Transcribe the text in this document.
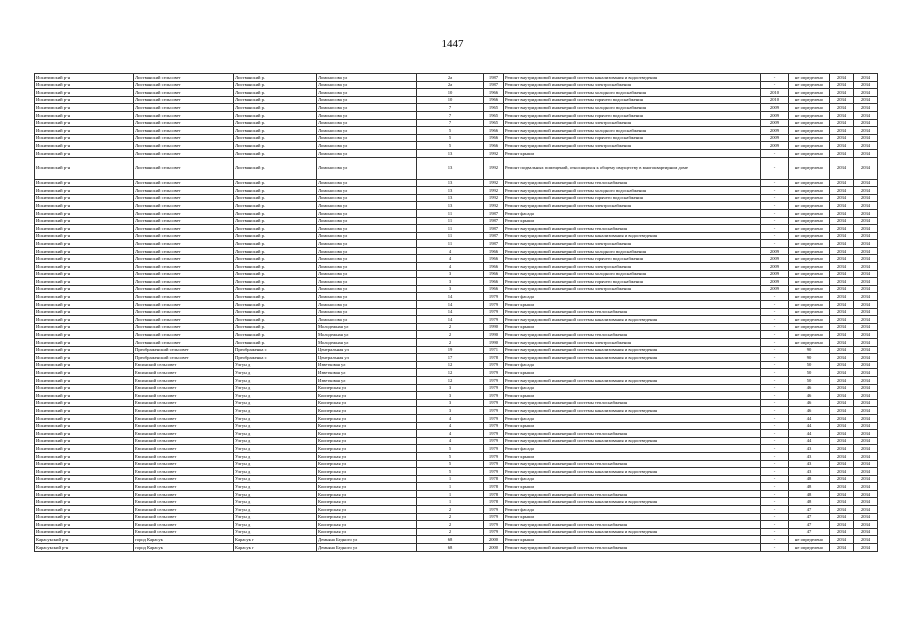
1447
Искитимский р-н	Листвянский сельсовет	Листвянский р.	Ломоносова ул	2а	1987	Ремонт внутридомовой инженерной системы канализования и водоотведения	-	не определено	2034	2034
Искитимский р-н	Листвянский сельсовет	Листвянский р.	Ломоносова ул	2а	1987	Ремонт внутридомовой инженерной системы электроснабжения	-	не определено	2034	2034
Искитимский р-н	Листвянский сельсовет	Листвянский р.	Ломоносова ул	10	1966	Ремонт внутридомовой инженерной системы холодного водоснабжения	2010	не определено	2034	2034
Искитимский р-н	Листвянский сельсовет	Листвянский р.	Ломоносова ул	10	1966	Ремонт внутридомовой инженерной системы горячего водоснабжения	2010	не определено	2034	2034
Искитимский р-н	Листвянский сельсовет	Листвянский р.	Ломоносова ул	7	1965	Ремонт внутридомовой инженерной системы холодного водоснабжения	2009	не определено	2034	2034
Искитимский р-н	Листвянский сельсовет	Листвянский р.	Ломоносова ул	7	1965	Ремонт внутридомовой инженерной системы горячего водоснабжения	2009	не определено	2034	2034
Искитимский р-н	Листвянский сельсовет	Листвянский р.	Ломоносова ул	7	1965	Ремонт внутридомовой инженерной системы электроснабжения	2009	не определено	2034	2034
Искитимский р-н	Листвянский сельсовет	Листвянский р.	Ломоносова ул	5	1966	Ремонт внутридомовой инженерной системы холодного водоснабжения	2009	не определено	2034	2034
Искитимский р-н	Листвянский сельсовет	Листвянский р.	Ломоносова ул	5	1966	Ремонт внутридомовой инженерной системы горячего водоснабжения	2009	не определено	2034	2034
Искитимский р-н	Листвянский сельсовет	Листвянский р.	Ломоносова ул	5	1966	Ремонт внутридомовой инженерной системы электроснабжения	2009	не определено	2034	2034
Искитимский р-н	Листвянский сельсовет	Листвянский р.	Ломоносова ул	13	1992	Ремонт крыши	-	не определено	2034	2034
Искитимский р-н	Листвянский сельсовет	Листвянский р.	Ломоносова ул	13	1992	Ремонт подвальных помещений, относящихся к общему имуществу в многоквартирном доме	-	не определено	2034	2034
Искитимский р-н	Листвянский сельсовет	Листвянский р.	Ломоносова ул	13	1992	Ремонт внутридомовой инженерной системы теплоснабжения	-	не определено	2034	2034
Искитимский р-н	Листвянский сельсовет	Листвянский р.	Ломоносова ул	13	1992	Ремонт внутридомовой инженерной системы холодного водоснабжения	-	не определено	2034	2034
Искитимский р-н	Листвянский сельсовет	Листвянский р.	Ломоносова ул	13	1992	Ремонт внутридомовой инженерной системы горячего водоснабжения	-	не определено	2034	2034
Искитимский р-н	Листвянский сельсовет	Листвянский р.	Ломоносова ул	13	1992	Ремонт внутридомовой инженерной системы электроснабжения	-	не определено	2034	2034
Искитимский р-н	Листвянский сельсовет	Листвянский р.	Ломоносова ул	11	1987	Ремонт фасада	-	не определено	2034	2034
Искитимский р-н	Листвянский сельсовет	Листвянский р.	Ломоносова ул	11	1987	Ремонт крыши	-	не определено	2034	2034
Искитимский р-н	Листвянский сельсовет	Листвянский р.	Ломоносова ул	11	1987	Ремонт внутридомовой инженерной системы теплоснабжения	-	не определено	2034	2034
Искитимский р-н	Листвянский сельсовет	Листвянский р.	Ломоносова ул	11	1987	Ремонт внутридомовой инженерной системы канализования и водоотведения	-	не определено	2034	2034
Искитимский р-н	Листвянский сельсовет	Листвянский р.	Ломоносова ул	11	1987	Ремонт внутридомовой инженерной системы электроснабжения	-	не определено	2034	2034
Искитимский р-н	Листвянский сельсовет	Листвянский р.	Ломоносова ул	4	1966	Ремонт внутридомовой инженерной системы холодного водоснабжения	2009	не определено	2034	2034
Искитимский р-н	Листвянский сельсовет	Листвянский р.	Ломоносова ул	4	1966	Ремонт внутридомовой инженерной системы горячего водоснабжения	2009	не определено	2034	2034
Искитимский р-н	Листвянский сельсовет	Листвянский р.	Ломоносова ул	4	1966	Ремонт внутридомовой инженерной системы электроснабжения	2009	не определено	2034	2034
Искитимский р-н	Листвянский сельсовет	Листвянский р.	Ломоносова ул	3	1966	Ремонт внутридомовой инженерной системы холодного водоснабжения	2009	не определено	2034	2034
Искитимский р-н	Листвянский сельсовет	Листвянский р.	Ломоносова ул	3	1966	Ремонт внутридомовой инженерной системы горячего водоснабжения	2009	не определено	2034	2034
Искитимский р-н	Листвянский сельсовет	Листвянский р.	Ломоносова ул	3	1966	Ремонт внутридомовой инженерной системы электроснабжения	2009	не определено	2034	2034
Искитимский р-н	Листвянский сельсовет	Листвянский р.	Ломоносова ул	14	1979	Ремонт фасада	-	не определено	2034	2034
Искитимский р-н	Листвянский сельсовет	Листвянский р.	Ломоносова ул	14	1979	Ремонт крыши	-	не определено	2034	2034
Искитимский р-н	Листвянский сельсовет	Листвянский р.	Ломоносова ул	14	1979	Ремонт внутридомовой инженерной системы теплоснабжения	-	не определено	2034	2034
Искитимский р-н	Листвянский сельсовет	Листвянский р.	Ломоносова ул	14	1979	Ремонт внутридомовой инженерной системы канализования и водоотведения	-	не определено	2034	2034
Искитимский р-н	Листвянский сельсовет	Листвянский р.	Молодежная ул	2	1990	Ремонт крыши	-	не определено	2034	2034
Искитимский р-н	Листвянский сельсовет	Листвянский р.	Молодежная ул	2	1990	Ремонт внутридомовой инженерной системы теплоснабжения	-	не определено	2034	2034
Искитимский р-н	Листвянский сельсовет	Листвянский р.	Молодежная ул	2	1990	Ремонт внутридомовой инженерной системы электроснабжения	-	не определено	2034	2034
Искитимский р-н	Преображенский сельсовет	Преображенка с	Центральная ул	19	1971	Ремонт внутридомовой инженерной системы канализования и водоотведения	-	90	2034	2034
Искитимский р-н	Преображенский сельсовет	Преображенка с	Центральная ул	17	1978	Ремонт внутридомовой инженерной системы канализования и водоотведения	-	90	2034	2034
Искитимский р-н	Евсинский сельсовет	Улгун д	Изветковая ул	12	1979	Ремонт фасада	-	50	2034	2034
Искитимский р-н	Евсинский сельсовет	Улгун д	Изветковая ул	12	1979	Ремонт крыши	-	50	2034	2034
Искитимский р-н	Евсинский сельсовет	Улгун д	Изветковая ул	12	1979	Ремонт внутридомовой инженерной системы канализования и водоотведения	-	50	2034	2034
Искитимский р-н	Евсинский сельсовет	Улгун д	Кооперская ул	3	1979	Ремонт фасада	-	46	2034	2034
Искитимский р-н	Евсинский сельсовет	Улгун д	Кооперская ул	3	1979	Ремонт крыши	-	46	2034	2034
Искитимский р-н	Евсинский сельсовет	Улгун д	Кооперская ул	3	1979	Ремонт внутридомовой инженерной системы теплоснабжения	-	46	2034	2034
Искитимский р-н	Евсинский сельсовет	Улгун д	Кооперская ул	3	1979	Ремонт внутридомовой инженерной системы канализования и водоотведения	-	46	2034	2034
Искитимский р-н	Евсинский сельсовет	Улгун д	Кооперская ул	4	1979	Ремонт фасада	-	44	2034	2034
Искитимский р-н	Евсинский сельсовет	Улгун д	Кооперская ул	4	1979	Ремонт крыши	-	44	2034	2034
Искитимский р-н	Евсинский сельсовет	Улгун д	Кооперская ул	4	1979	Ремонт внутридомовой инженерной системы теплоснабжения	-	44	2034	2034
Искитимский р-н	Евсинский сельсовет	Улгун д	Кооперская ул	4	1979	Ремонт внутридомовой инженерной системы канализования и водоотведения	-	44	2034	2034
Искитимский р-н	Евсинский сельсовет	Улгун д	Кооперская ул	5	1979	Ремонт фасада	-	43	2034	2034
Искитимский р-н	Евсинский сельсовет	Улгун д	Кооперская ул	5	1979	Ремонт крыши	-	43	2034	2034
Искитимский р-н	Евсинский сельсовет	Улгун д	Кооперская ул	5	1979	Ремонт внутридомовой инженерной системы теплоснабжения	-	43	2034	2034
Искитимский р-н	Евсинский сельсовет	Улгун д	Кооперская ул	5	1979	Ремонт внутридомовой инженерной системы канализования и водоотведения	-	43	2034	2034
Искитимский р-н	Евсинский сельсовет	Улгун д	Кооперская ул	1	1978	Ремонт фасада	-	48	2034	2034
Искитимский р-н	Евсинский сельсовет	Улгун д	Кооперская ул	1	1978	Ремонт крыши	-	48	2034	2034
Искитимский р-н	Евсинский сельсовет	Улгун д	Кооперская ул	1	1978	Ремонт внутридомовой инженерной системы теплоснабжения	-	48	2034	2034
Искитимский р-н	Евсинский сельсовет	Улгун д	Кооперская ул	1	1978	Ремонт внутридомовой инженерной системы канализования и водоотведения	-	48	2034	2034
Искитимский р-н	Евсинский сельсовет	Улгун д	Кооперская ул	2	1979	Ремонт фасада	-	47	2034	2034
Искитимский р-н	Евсинский сельсовет	Улгун д	Кооперская ул	2	1979	Ремонт крыши	-	47	2034	2034
Искитимский р-н	Евсинский сельсовет	Улгун д	Кооперская ул	2	1979	Ремонт внутридомовой инженерной системы теплоснабжения	-	47	2034	2034
Искитимский р-н	Евсинский сельсовет	Улгун д	Кооперская ул	2	1979	Ремонт внутридомовой инженерной системы канализования и водоотведения	-	47	2034	2034
Карасукский р-н	город Карасук	Карасук г	Демьяна Бедного ул	68	2000	Ремонт крыши	-	не определено	2034	2034
Карасукский р-н	город Карасук	Карасук г	Демьяна Бедного ул	68	2000	Ремонт внутридомовой инженерной системы теплоснабжения	-	не определено	2034	2034
